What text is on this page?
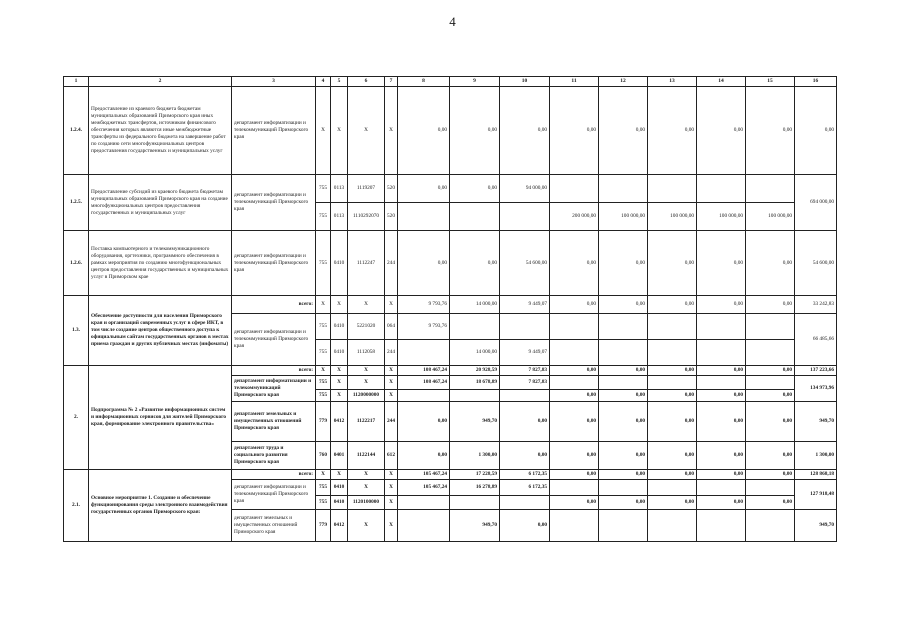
4
1	2	3	4	5	6	7	8	9	10	11	12	13	14	15	16
1.2.4.	Предоставление из краевого бюджета бюджетам муниципальных образований Приморского края иных межбюджетных трансфертов, источником финансового обеспечения которых являются иные межбюджетные трансферты из федерального бюджета на завершение работ по созданию сети многофункциональных центров предоставления государственных и муниципальных услуг	департамент информатизации и телекоммуникаций Приморского края	X	X	X	X	0,00	0,00	0,00	0,00	0,00	0,00	0,00	0,00	0,00
1.2.5.	Предоставление субсидий из краевого бюджета бюджетам муниципальных образований Приморского края на создание многофункциональных центров предоставления государственных и муниципальных услуг	департамент информатизации и телекоммуникаций Приморского края	755	0113	1119207	520	0,00	0,00	94 000,00						694 000,00
			755	0113	1110292070	520				200 000,00	100 000,00	100 000,00	100 000,00	100 000,00	
1.2.6.	Поставка компьютерного и телекоммуникационного оборудования, оргтехники, программного обеспечения в рамках мероприятия по созданию многофункциональных центров предоставления государственных и муниципальных услуг в Приморском крае	департамент информатизации и телекоммуникаций Приморского края	755	0410	1112247	244	0,00	0,00	54 600,00	0,00	0,00	0,00	0,00	0,00	54 600,00
1.3.	Обеспечение доступности для населения Приморского края и организаций современных услуг в сфере ИКТ, в том числе создание центров общественного доступа к официальным сайтам государственных органов в местах приема граждан и других публичных местах (инфоматы)	всего:	X	X	X	X	9 793,76	14 000,00	9 449,07	0,00	0,00	0,00	0,00	0,00	33 242,83
		департамент информатизации и телекоммуникаций Приморского края	755	0410	5221020	064	9 793,76								66 485,66
			755	0410	1112058	244		14 000,00	9 449,07						
2.	Подпрограмма № 2 «Развитие информационных систем и информационных сервисов для жителей Приморского края, формирование электронного правительства»	всего:	X	X	X	X	108 467,24	20 928,59	7 827,83	0,00	0,00	0,00	0,00	0,00	137 223,66
		департамент информатизации и телекоммуникаций Приморского края	755	X	X	X	108 467,24	18 678,89	7 827,83						134 973,96
			755	X	1120000000	X				0,00	0,00	0,00	0,00	0,00	
		департамент земельных и имущественных отношений Приморского края	779	0412	1122217	244	0,00	949,70	0,00	0,00	0,00	0,00	0,00	0,00	949,70
		департамент труда и социального развития Приморского края	760	0401	1122144	612	0,00	1 300,00	0,00	0,00	0,00	0,00	0,00	0,00	1 300,00
2.1.	Основное мероприятие 1. Создание и обеспечение функционирования среды электронного взаимодействия государственных органов Приморского края:	всего:	X	X	X	X	105 467,24	17 228,59	6 172,35	0,00	0,00	0,00	0,00	0,00	128 868,18
		департамент информатизации и телекоммуникаций Приморского края	755	0410	X	X	105 467,24	16 278,89	6 172,35						127 918,48
			755	0410	1120100000	X				0,00	0,00	0,00	0,00	0,00	
		департамент земельных и имущественных отношений Приморского края	779	0412	X	X		949,70	0,00						949,70
